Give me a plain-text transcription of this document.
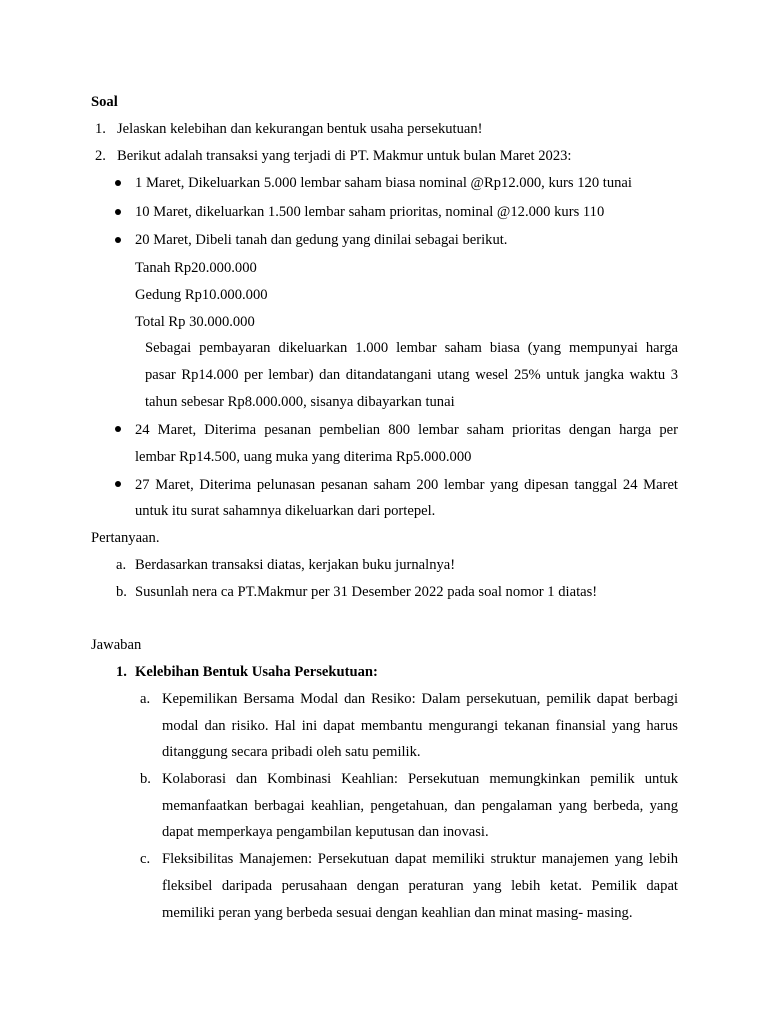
Soal
1. Jelaskan kelebihan dan kekurangan bentuk usaha persekutuan!
2. Berikut adalah transaksi yang terjadi di PT. Makmur untuk bulan Maret 2023:
1 Maret, Dikeluarkan 5.000 lembar saham biasa nominal @Rp12.000, kurs 120 tunai
10 Maret, dikeluarkan 1.500 lembar saham prioritas, nominal @12.000 kurs 110
20 Maret, Dibeli tanah dan gedung yang dinilai sebagai berikut.
Tanah Rp20.000.000
Gedung Rp10.000.000
Total Rp 30.000.000
Sebagai pembayaran dikeluarkan 1.000 lembar saham biasa (yang mempunyai harga
pasar Rp14.000 per lembar) dan ditandatangani utang wesel 25% untuk jangka waktu 3
tahun sebesar Rp8.000.000, sisanya dibayarkan tunai
24 Maret, Diterima pesanan pembelian 800 lembar saham prioritas dengan harga per
lembar Rp14.500, uang muka yang diterima Rp5.000.000
27 Maret, Diterima pelunasan pesanan saham 200 lembar yang dipesan tanggal 24 Maret
untuk itu surat sahamnya dikeluarkan dari portepel.
Pertanyaan.
a. Berdasarkan transaksi diatas, kerjakan buku jurnalnya!
b. Susunlah nera ca PT.Makmur per 31 Desember 2022 pada soal nomor 1 diatas!
Jawaban
1. Kelebihan Bentuk Usaha Persekutuan:
a. Kepemilikan Bersama Modal dan Resiko: Dalam persekutuan, pemilik dapat berbagi
modal dan risiko. Hal ini dapat membantu mengurangi tekanan finansial yang harus
ditanggung secara pribadi oleh satu pemilik.
b. Kolaborasi dan Kombinasi Keahlian: Persekutuan memungkinkan pemilik untuk
memanfaatkan berbagai keahlian, pengetahuan, dan pengalaman yang berbeda, yang
dapat memperkaya pengambilan keputusan dan inovasi.
c. Fleksibilitas Manajemen: Persekutuan dapat memiliki struktur manajemen yang lebih
fleksibel daripada perusahaan dengan peraturan yang lebih ketat. Pemilik dapat
memiliki peran yang berbeda sesuai dengan keahlian dan minat masing- masing.
